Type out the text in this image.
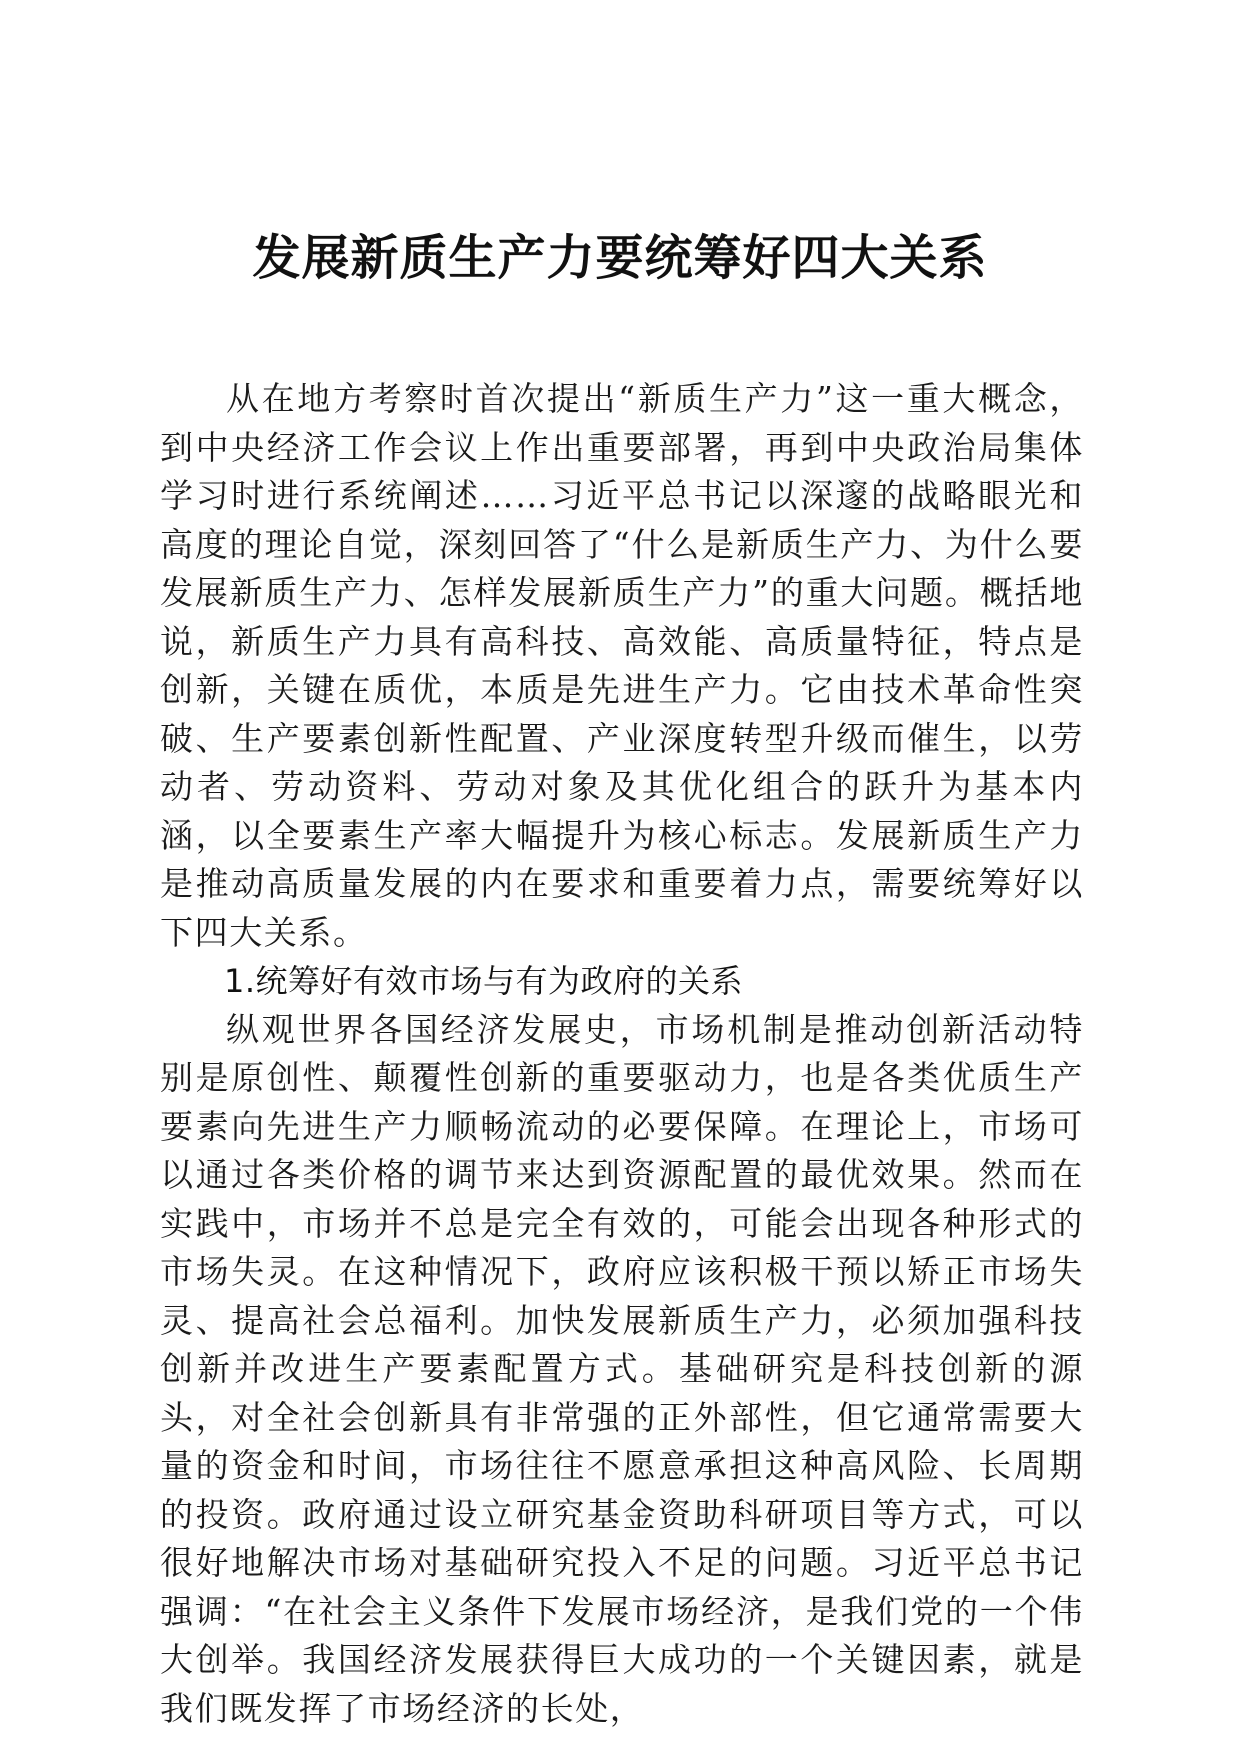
发展新质生产力要统筹好四大关系

从在地方考察时首次提出“新质生产力”这一重大概念，到中央经济工作会议上作出重要部署，再到中央政治局集体学习时进行系统阐述……习近平总书记以深邃的战略眼光和高度的理论自觉，深刻回答了“什么是新质生产力、为什么要发展新质生产力、怎样发展新质生产力”的重大问题。概括地说，新质生产力具有高科技、高效能、高质量特征，特点是创新，关键在质优，本质是先进生产力。它由技术革命性突破、生产要素创新性配置、产业深度转型升级而催生，以劳动者、劳动资料、劳动对象及其优化组合的跃升为基本内涵，以全要素生产率大幅提升为核心标志。发展新质生产力是推动高质量发展的内在要求和重要着力点，需要统筹好以下四大关系。

1.统筹好有效市场与有为政府的关系

纵观世界各国经济发展史，市场机制是推动创新活动特别是原创性、颠覆性创新的重要驱动力，也是各类优质生产要素向先进生产力顺畅流动的必要保障。在理论上，市场可以通过各类价格的调节来达到资源配置的最优效果。然而在实践中，市场并不总是完全有效的，可能会出现各种形式的市场失灵。在这种情况下，政府应该积极干预以矫正市场失灵、提高社会总福利。加快发展新质生产力，必须加强科技创新并改进生产要素配置方式。基础研究是科技创新的源头，对全社会创新具有非常强的正外部性，但它通常需要大量的资金和时间，市场往往不愿意承担这种高风险、长周期的投资。政府通过设立研究基金资助科研项目等方式，可以很好地解决市场对基础研究投入不足的问题。习近平总书记强调：“在社会主义条件下发展市场经济，是我们党的一个伟大创举。我国经济发展获得巨大成功的一个关键因素，就是我们既发挥了市场经济的长处，
